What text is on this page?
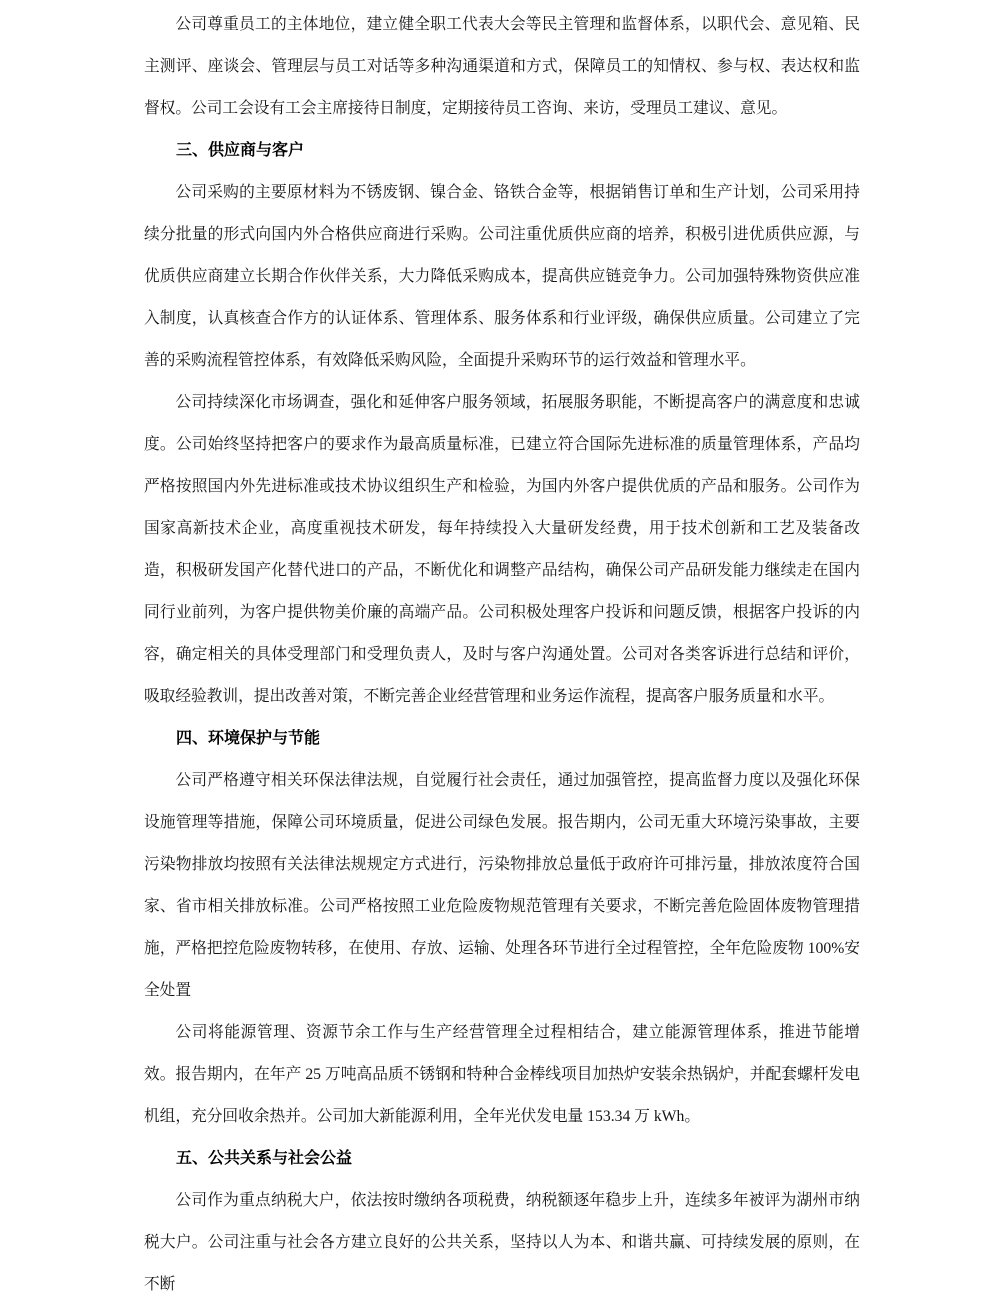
公司尊重员工的主体地位，建立健全职工代表大会等民主管理和监督体系，以职代会、意见箱、民主测评、座谈会、管理层与员工对话等多种沟通渠道和方式，保障员工的知情权、参与权、表达权和监督权。公司工会设有工会主席接待日制度，定期接待员工咨询、来访，受理员工建议、意见。

三、供应商与客户

公司采购的主要原材料为不锈废钢、镍合金、铬铁合金等，根据销售订单和生产计划，公司采用持续分批量的形式向国内外合格供应商进行采购。公司注重优质供应商的培养，积极引进优质供应源，与优质供应商建立长期合作伙伴关系，大力降低采购成本，提高供应链竞争力。公司加强特殊物资供应准入制度，认真核查合作方的认证体系、管理体系、服务体系和行业评级，确保供应质量。公司建立了完善的采购流程管控体系，有效降低采购风险，全面提升采购环节的运行效益和管理水平。

公司持续深化市场调查，强化和延伸客户服务领域，拓展服务职能，不断提高客户的满意度和忠诚度。公司始终坚持把客户的要求作为最高质量标准，已建立符合国际先进标准的质量管理体系，产品均严格按照国内外先进标准或技术协议组织生产和检验，为国内外客户提供优质的产品和服务。公司作为国家高新技术企业，高度重视技术研发，每年持续投入大量研发经费，用于技术创新和工艺及装备改造，积极研发国产化替代进口的产品，不断优化和调整产品结构，确保公司产品研发能力继续走在国内同行业前列，为客户提供物美价廉的高端产品。公司积极处理客户投诉和问题反馈，根据客户投诉的内容，确定相关的具体受理部门和受理负责人，及时与客户沟通处置。公司对各类客诉进行总结和评价，吸取经验教训，提出改善对策，不断完善企业经营管理和业务运作流程，提高客户服务质量和水平。

四、环境保护与节能

公司严格遵守相关环保法律法规，自觉履行社会责任，通过加强管控，提高监督力度以及强化环保设施管理等措施，保障公司环境质量，促进公司绿色发展。报告期内，公司无重大环境污染事故，主要污染物排放均按照有关法律法规规定方式进行，污染物排放总量低于政府许可排污量，排放浓度符合国家、省市相关排放标准。公司严格按照工业危险废物规范管理有关要求，不断完善危险固体废物管理措施，严格把控危险废物转移，在使用、存放、运输、处理各环节进行全过程管控，全年危险废物 100%安全处置

公司将能源管理、资源节余工作与生产经营管理全过程相结合，建立能源管理体系，推进节能增效。报告期内，在年产 25 万吨高品质不锈钢和特种合金棒线项目加热炉安装余热锅炉，并配套螺杆发电机组，充分回收余热并。公司加大新能源利用，全年光伏发电量 153.34 万 kWh。

五、公共关系与社会公益

公司作为重点纳税大户，依法按时缴纳各项税费，纳税额逐年稳步上升，连续多年被评为湖州市纳税大户。公司注重与社会各方建立良好的公共关系，坚持以人为本、和谐共赢、可持续发展的原则，在不断
